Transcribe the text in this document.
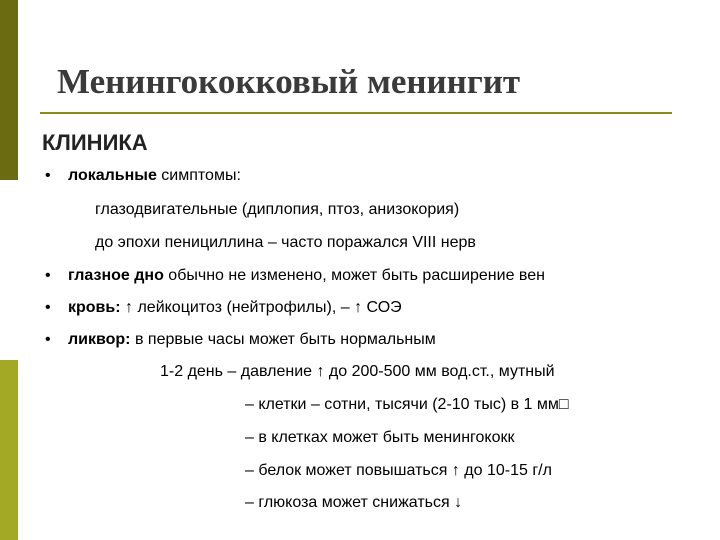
Менингококковый менингит
КЛИНИКА
• локальные симптомы:
глазодвигательные (диплопия, птоз, анизокория)
до эпохи пенициллина – часто поражался VIII нерв
• глазное дно обычно не изменено, может быть расширение вен
• кровь: ↑ лейкоцитоз (нейтрофилы), – ↑ СОЭ
• ликвор: в первые часы может быть нормальным
1-2 день – давление ↑ до 200-500 мм вод.ст., мутный
– клетки – сотни, тысячи (2-10 тыс) в 1 мм□
– в клетках может быть менингококк
– белок может повышаться ↑ до 10-15 г/л
– глюкоза может снижаться ↓
